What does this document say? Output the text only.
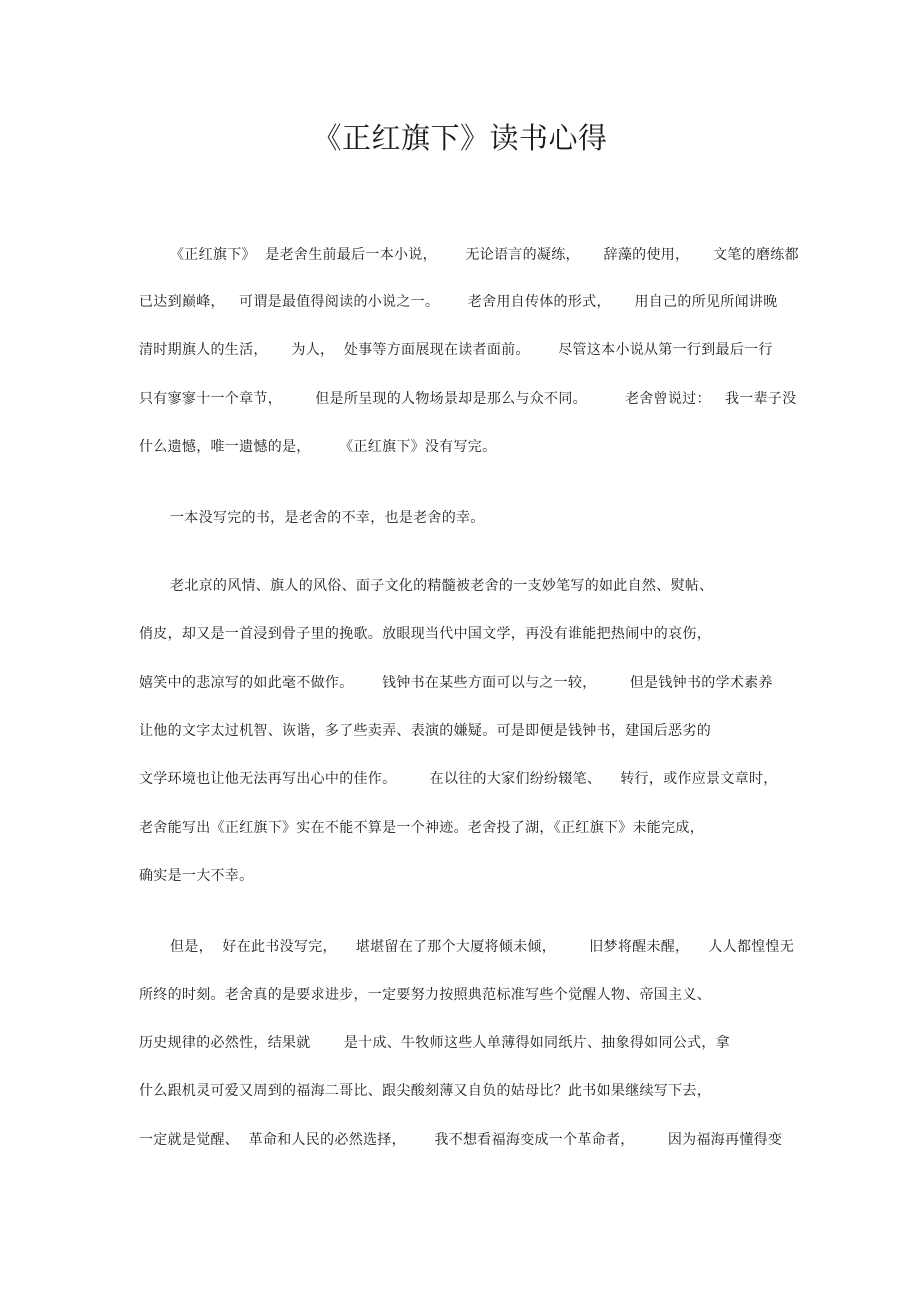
《正红旗下》读书心得
《正红旗下》  是老舍生前最后一本小说，      无论语言的凝练，     辞藻的使用，     文笔的磨练都
已达到巅峰，   可谓是最值得阅读的小说之一。      老舍用自传体的形式，     用自己的所见所闻讲晚
清时期旗人的生活，     为人，  处事等方面展现在读者面前。      尽管这本小说从第一行到最后一行
只有寥寥十一个章节，       但是所呈现的人物场景却是那么与众不同。        老舍曾说过：   我一辈子没
什么遗憾，唯一遗憾的是，      《正红旗下》没有写完。
一本没写完的书，是老舍的不幸，也是老舍的幸。
老北京的风情、旗人的风俗、面子文化的精髓被老舍的一支妙笔写的如此自然、熨帖、
俏皮，却又是一首浸到骨子里的挽歌。放眼现当代中国文学，再没有谁能把热闹中的哀伤，
嬉笑中的悲凉写的如此毫不做作。      钱钟书在某些方面可以与之一较，       但是钱钟书的学术素养
让他的文字太过机智、诙谐，多了些卖弄、表演的嫌疑。可是即便是钱钟书，建国后恶劣的
文学环境也让他无法再写出心中的佳作。       在以往的大家们纷纷辍笔、    转行，或作应景文章时，
老舍能写出《正红旗下》实在不能不算是一个神迹。老舍投了湖，《正红旗下》未能完成，
确实是一大不幸。
但是，  好在此书没写完，    堪堪留在了那个大厦将倾未倾，       旧梦将醒未醒，    人人都惶惶无
所终的时刻。老舍真的是要求进步，一定要努力按照典范标准写些个觉醒人物、帝国主义、
历史规律的必然性，结果就       是十成、牛牧师这些人单薄得如同纸片、抽象得如同公式，拿
什么跟机灵可爱又周到的福海二哥比、跟尖酸刻薄又自负的姑母比？此书如果继续写下去，
一定就是觉醒、  革命和人民的必然选择，      我不想看福海变成一个革命者，       因为福海再懂得变
